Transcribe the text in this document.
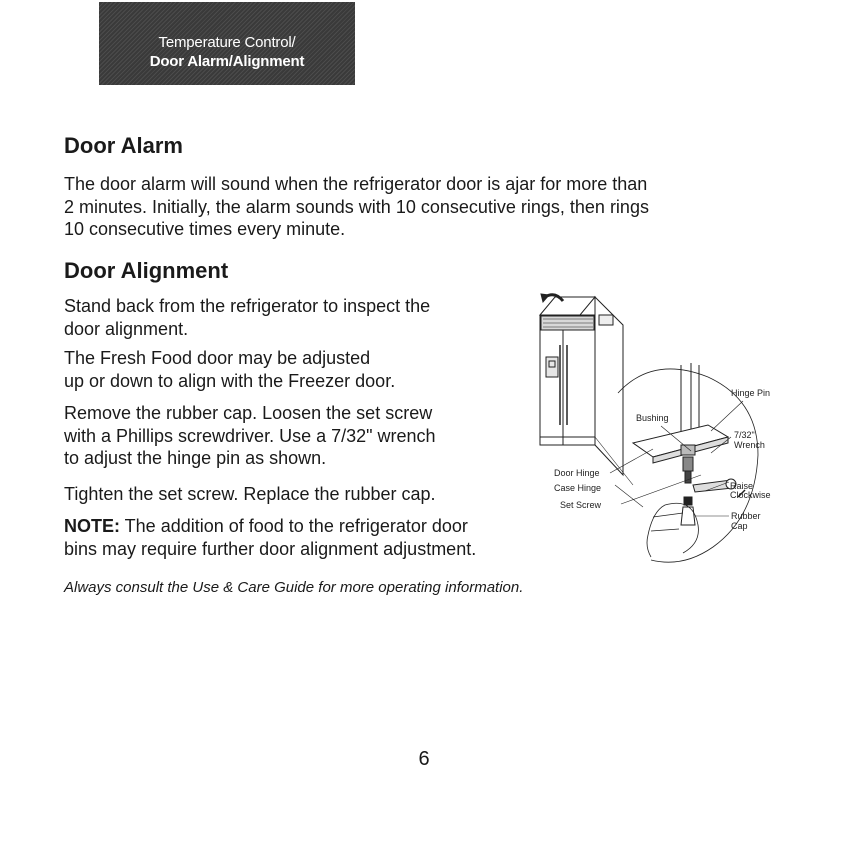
Temperature Control/
Door Alarm/Alignment
Door Alarm

The door alarm will sound when the refrigerator door is ajar for more than
2 minutes. Initially, the alarm sounds with 10 consecutive rings, then rings
10 consecutive times every minute.

Door Alignment

Stand back from the refrigerator to inspect the
door alignment.

The Fresh Food door may be adjusted
up or down to align with the Freezer door.

Remove the rubber cap. Loosen the set screw
with a Phillips screwdriver. Use a 7/32" wrench
to adjust the hinge pin as shown.

Tighten the set screw. Replace the rubber cap.

NOTE: The addition of food to the refrigerator door
bins may require further door alignment adjustment.

Hinge Pin
Bushing
7/32"
Wrench
Door Hinge
Case Hinge
Set Screw
Raise
Clockwise
Rubber
Cap
Always consult the Use & Care Guide for more operating information.
6
